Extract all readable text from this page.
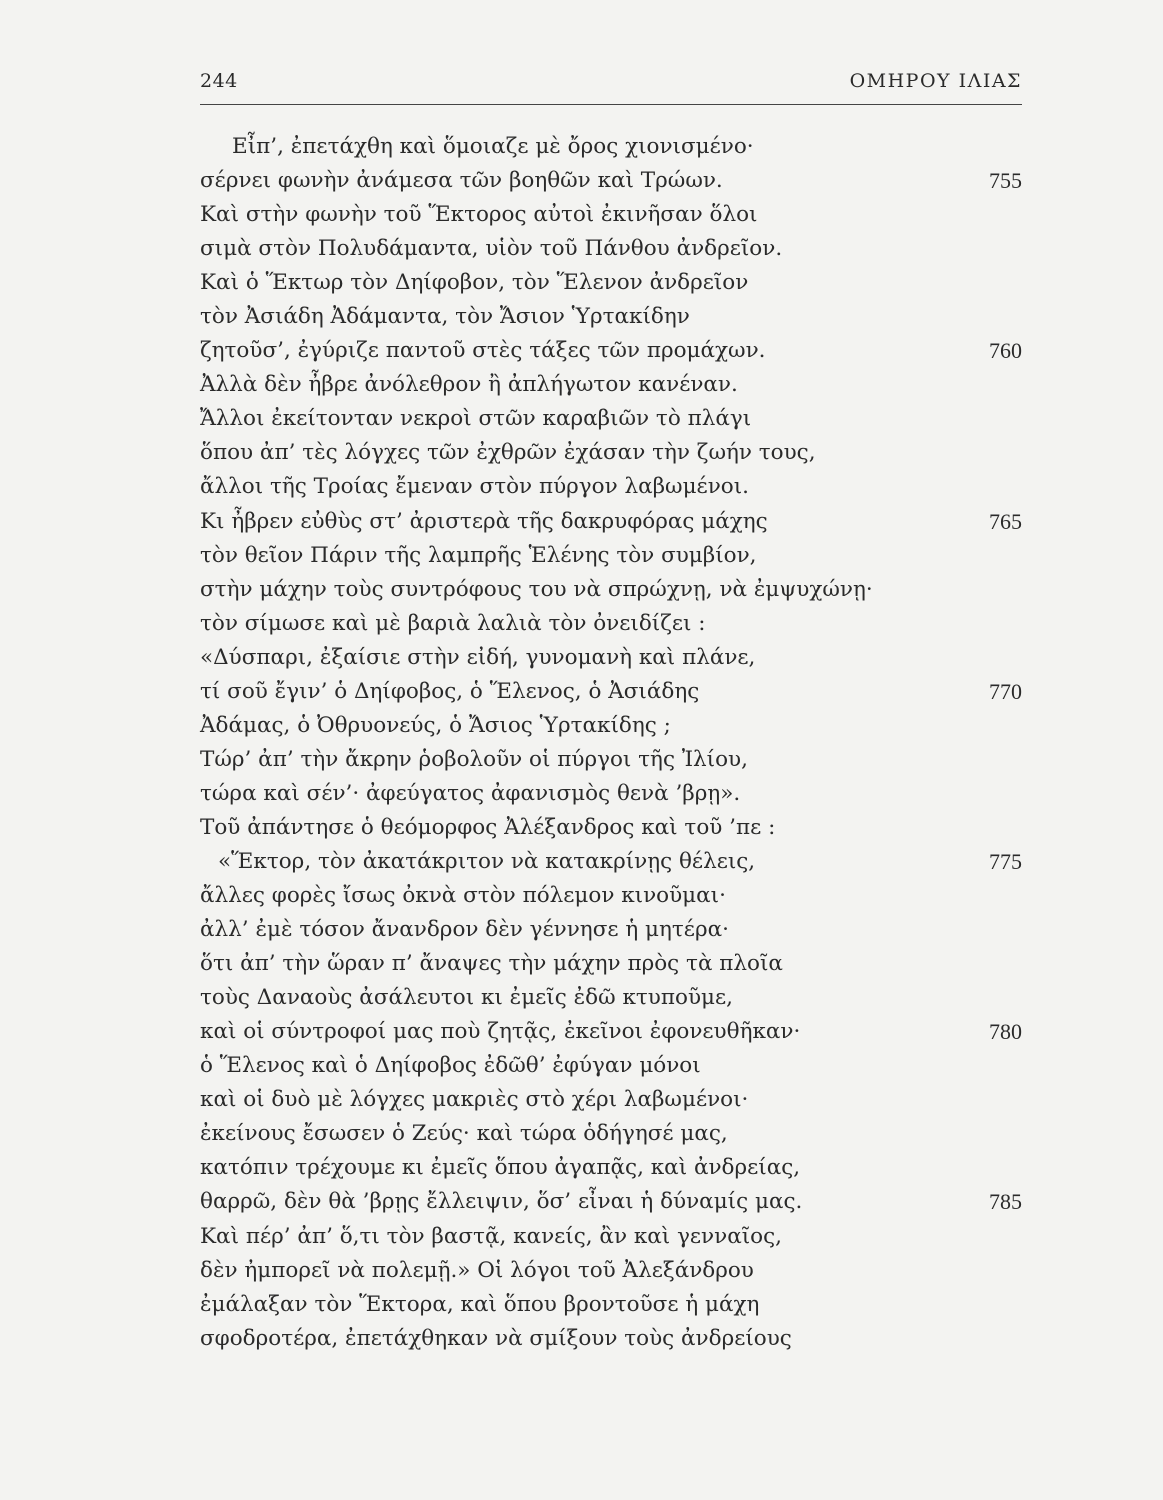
244	ΟΜΗΡΟΥ ΙΛΙΑΣ
Εἶπ’, ἐπετάχθη καὶ ὅμοιαζε μὲ ὄρος χιονισμένο·
σέρνει φωνὴν ἀνάμεσα τῶν βοηθῶν καὶ Τρώων.	755
Καὶ στὴν φωνὴν τοῦ Ἕκτορος αὐτοὶ ἐκινῆσαν ὅλοι
σιμὰ στὸν Πολυδάμαντα, υἱὸν τοῦ Πάνθου ἀνδρεῖον.
Καὶ ὁ Ἕκτωρ τὸν Δηίφοβον, τὸν Ἕλενον ἀνδρεῖον
τὸν Ἀσιάδη Ἀδάμαντα, τὸν Ἄσιον Ὑρτακίδην
ζητοῦσ’, ἐγύριζε παντοῦ στὲς τάξες τῶν προμάχων.	760
Ἀλλὰ δὲν ἦβρε ἀνόλεθρον ἢ ἀπλήγωτον κανέναν.
Ἄλλοι ἐκείτονταν νεκροὶ στῶν καραβιῶν τὸ πλάγι
ὅπου ἀπ’ τὲς λόγχες τῶν ἐχθρῶν ἐχάσαν τὴν ζωήν τους,
ἄλλοι τῆς Τροίας ἔμεναν στὸν πύργον λαβωμένοι.
Κι ἦβρεν εὐθὺς στ’ ἀριστερὰ τῆς δακρυφόρας μάχης	765
τὸν θεῖον Πάριν τῆς λαμπρῆς Ἑλένης τὸν συμβίον,
στὴν μάχην τοὺς συντρόφους του νὰ σπρώχνῃ, νὰ ἐμψυχώνῃ·
τὸν σίμωσε καὶ μὲ βαριὰ λαλιὰ τὸν ὀνειδίζει :
«Δύσπαρι, ἐξαίσιε στὴν εἰδή, γυνομανὴ καὶ πλάνε,
τί σοῦ ἔγιν’ ὁ Δηίφοβος, ὁ Ἕλενος, ὁ Ἀσιάδης	770
Ἀδάμας, ὁ Ὀθρυονεύς, ὁ Ἄσιος Ὑρτακίδης ;
Τώρ’ ἀπ’ τὴν ἄκρην ῥοβολοῦν οἱ πύργοι τῆς Ἰλίου,
τώρα καὶ σέν’· ἀφεύγατος ἀφανισμὸς θενὰ ’βρῃ».
Τοῦ ἀπάντησε ὁ θεόμορφος Ἀλέξανδρος καὶ τοῦ ’πε :
«Ἕκτορ, τὸν ἀκατάκριτον νὰ κατακρίνῃς θέλεις,	775
ἄλλες φορὲς ἴσως ὀκνὰ στὸν πόλεμον κινοῦμαι·
ἀλλ’ ἐμὲ τόσον ἄνανδρον δὲν γέννησε ἡ μητέρα·
ὅτι ἀπ’ τὴν ὥραν π’ ἄναψες τὴν μάχην πρὸς τὰ πλοῖα
τοὺς Δαναοὺς ἀσάλευτοι κι ἐμεῖς ἐδῶ κτυποῦμε,
καὶ οἱ σύντροφοί μας ποὺ ζητᾷς, ἐκεῖνοι ἐφονευθῆκαν·	780
ὁ Ἕλενος καὶ ὁ Δηίφοβος ἐδῶθ’ ἐφύγαν μόνοι
καὶ οἱ δυὸ μὲ λόγχες μακριὲς στὸ χέρι λαβωμένοι·
ἐκείνους ἔσωσεν ὁ Ζεύς· καὶ τώρα ὁδήγησέ μας,
κατόπιν τρέχουμε κι ἐμεῖς ὅπου ἀγαπᾷς, καὶ ἀνδρείας,
θαρρῶ, δὲν θὰ ’βρῃς ἔλλειψιν, ὅσ’ εἶναι ἡ δύναμίς μας.	785
Καὶ πέρ’ ἀπ’ ὅ,τι τὸν βαστᾷ, κανείς, ἂν καὶ γενναῖος,
δὲν ἠμπορεῖ νὰ πολεμῇ.» Οἱ λόγοι τοῦ Ἀλεξάνδρου
ἐμάλαξαν τὸν Ἕκτορα, καὶ ὅπου βροντοῦσε ἡ μάχη
σφοδροτέρα, ἐπετάχθηκαν νὰ σμίξουν τοὺς ἀνδρείους
